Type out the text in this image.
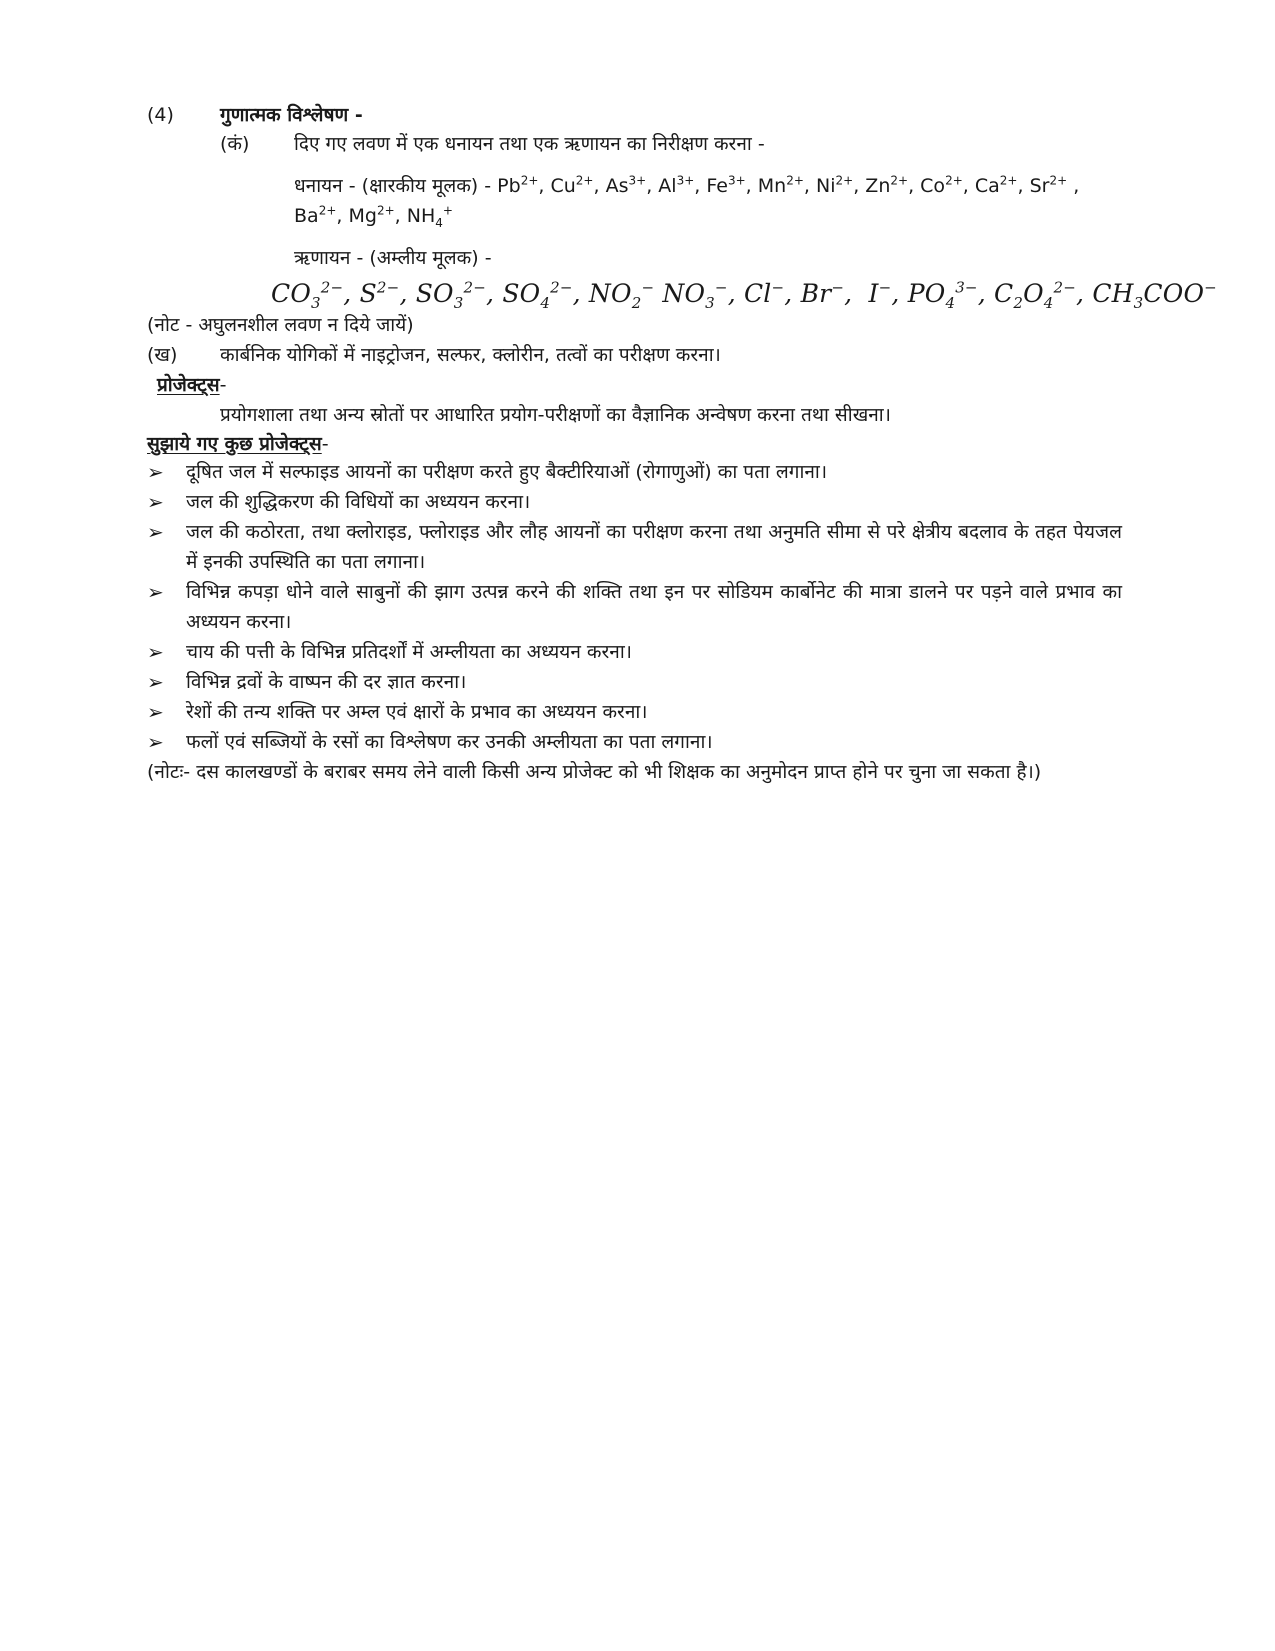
(4) गुणात्मक विश्लेषण -
(कं) दिए गए लवण में एक धनायन तथा एक ऋणायन का निरीक्षण करना -
धनायन - (क्षारकीय मूलक) - $Pb^{2+}$, $Cu^{2+}$, $As^{3+}$, $Al^{3+}$, $Fe^{3+}$, $Mn^{2+}$, $Ni^{2+}$, $Zn^{2+}$, $Co^{2+}$, $Ca^{2+}$, $Sr^{2+}$ ,
$Ba^{2+}$, $Mg^{2+}$, $NH_4^+$
ऋणायन - (अम्लीय मूलक) -
$CO_3^{2-}$, $S^{2-}$, $SO_3^{2-}$, $SO_4^{2-}$, $NO_2^-$ $NO_3^-$, Cl−, Br−,  I−, $PO_4^{3-}$, $C_2O_4^{2-}$, $CH_3COO^-$
(नोट - अघुलनशील लवण न दिये जायें)
(ख) कार्बनिक योगिकों में नाइट्रोजन, सल्फर, क्लोरीन, तत्वों का परीक्षण करना।
प्रोजेक्ट्स-
प्रयोगशाला तथा अन्य स्रोतों पर आधारित प्रयोग-परीक्षणों का वैज्ञानिक अन्वेषण करना तथा सीखना।
सुझाये गए कुछ प्रोजेक्ट्स-
➢ दूषित जल में सल्फाइड आयनों का परीक्षण करते हुए बैक्टीरियाओं (रोगाणुओं) का पता लगाना।
➢ जल की शुद्धिकरण की विधियों का अध्ययन करना।
➢ जल की कठोरता, तथा क्लोराइड, फ्लोराइड और लौह आयनों का परीक्षण करना तथा अनुमति सीमा से परे क्षेत्रीय बदलाव के तहत पेयजल में इनकी उपस्थिति का पता लगाना।
➢ विभिन्न कपड़ा धोने वाले साबुनों की झाग उत्पन्न करने की शक्ति तथा इन पर सोडियम कार्बोनेट की मात्रा डालने पर पड़ने वाले प्रभाव का अध्ययन करना।
➢ चाय की पत्ती के विभिन्न प्रतिदर्शों में अम्लीयता का अध्ययन करना।
➢ विभिन्न द्रवों के वाष्पन की दर ज्ञात करना।
➢ रेशों की तन्य शक्ति पर अम्ल एवं क्षारों के प्रभाव का अध्ययन करना।
➢ फलों एवं सब्जियों के रसों का विश्लेषण कर उनकी अम्लीयता का पता लगाना।
(नोटः- दस कालखण्डों के बराबर समय लेने वाली किसी अन्य प्रोजेक्ट को भी शिक्षक का अनुमोदन प्राप्त होने पर चुना जा सकता है।)
